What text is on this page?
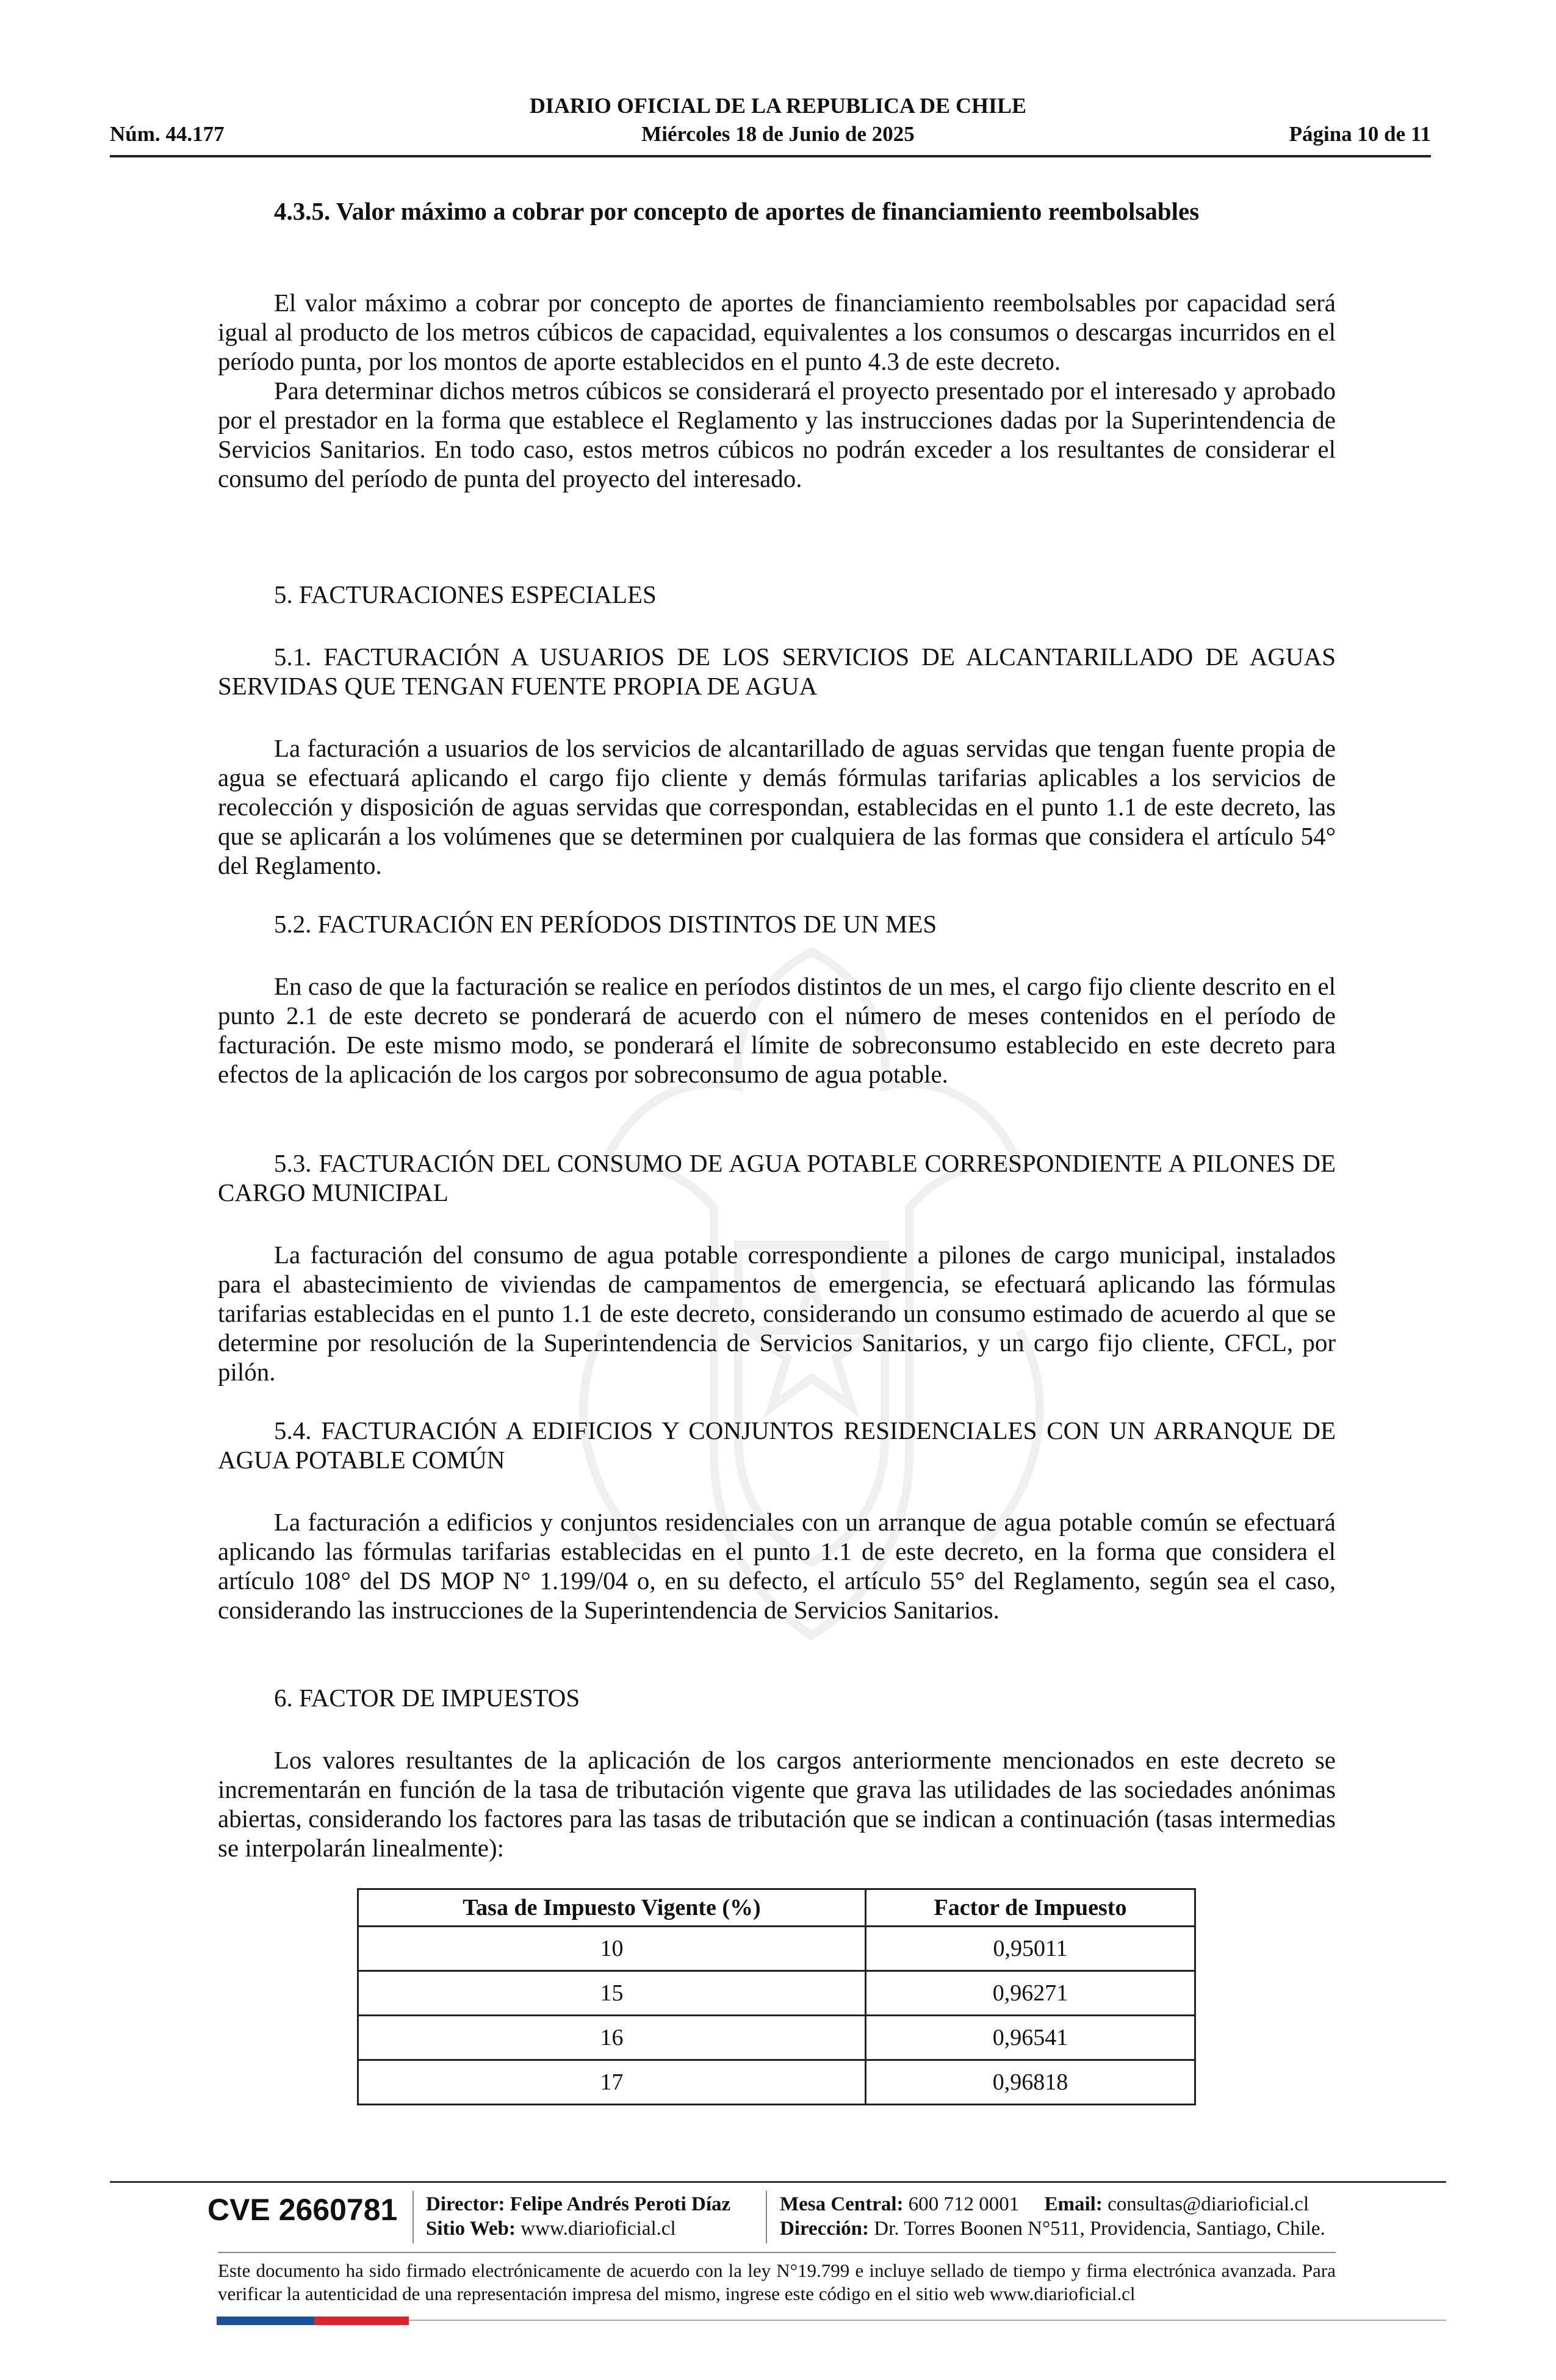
DIARIO OFICIAL DE LA REPUBLICA DE CHILE
Núm. 44.177	Miércoles 18 de Junio de 2025	Página 10 de 11

4.3.5. Valor máximo a cobrar por concepto de aportes de financiamiento reembolsables

El valor máximo a cobrar por concepto de aportes de financiamiento reembolsables por capacidad será igual al producto de los metros cúbicos de capacidad, equivalentes a los consumos o descargas incurridos en el período punta, por los montos de aporte establecidos en el punto 4.3 de este decreto.

Para determinar dichos metros cúbicos se considerará el proyecto presentado por el interesado y aprobado por el prestador en la forma que establece el Reglamento y las instrucciones dadas por la Superintendencia de Servicios Sanitarios. En todo caso, estos metros cúbicos no podrán exceder a los resultantes de considerar el consumo del período de punta del proyecto del interesado.

5. FACTURACIONES ESPECIALES

5.1. FACTURACIÓN A USUARIOS DE LOS SERVICIOS DE ALCANTARILLADO DE AGUAS SERVIDAS QUE TENGAN FUENTE PROPIA DE AGUA

La facturación a usuarios de los servicios de alcantarillado de aguas servidas que tengan fuente propia de agua se efectuará aplicando el cargo fijo cliente y demás fórmulas tarifarias aplicables a los servicios de recolección y disposición de aguas servidas que correspondan, establecidas en el punto 1.1 de este decreto, las que se aplicarán a los volúmenes que se determinen por cualquiera de las formas que considera el artículo 54° del Reglamento.

5.2. FACTURACIÓN EN PERÍODOS DISTINTOS DE UN MES

En caso de que la facturación se realice en períodos distintos de un mes, el cargo fijo cliente descrito en el punto 2.1 de este decreto se ponderará de acuerdo con el número de meses contenidos en el período de facturación. De este mismo modo, se ponderará el límite de sobreconsumo establecido en este decreto para efectos de la aplicación de los cargos por sobreconsumo de agua potable.

5.3. FACTURACIÓN DEL CONSUMO DE AGUA POTABLE CORRESPONDIENTE A PILONES DE CARGO MUNICIPAL

La facturación del consumo de agua potable correspondiente a pilones de cargo municipal, instalados para el abastecimiento de viviendas de campamentos de emergencia, se efectuará aplicando las fórmulas tarifarias establecidas en el punto 1.1 de este decreto, considerando un consumo estimado de acuerdo al que se determine por resolución de la Superintendencia de Servicios Sanitarios, y un cargo fijo cliente, CFCL, por pilón.

5.4. FACTURACIÓN A EDIFICIOS Y CONJUNTOS RESIDENCIALES CON UN ARRANQUE DE AGUA POTABLE COMÚN

La facturación a edificios y conjuntos residenciales con un arranque de agua potable común se efectuará aplicando las fórmulas tarifarias establecidas en el punto 1.1 de este decreto, en la forma que considera el artículo 108° del DS MOP N° 1.199/04 o, en su defecto, el artículo 55° del Reglamento, según sea el caso, considerando las instrucciones de la Superintendencia de Servicios Sanitarios.

6. FACTOR DE IMPUESTOS

Los valores resultantes de la aplicación de los cargos anteriormente mencionados en este decreto se incrementarán en función de la tasa de tributación vigente que grava las utilidades de las sociedades anónimas abiertas, considerando los factores para las tasas de tributación que se indican a continuación (tasas intermedias se interpolarán linealmente):

Tasa de Impuesto Vigente (%)	Factor de Impuesto
10	0,95011
15	0,96271
16	0,96541
17	0,96818
CVE 2660781 Director: Felipe Andrés Peroti Díaz
Sitio Web: www.diarioficial.cl
Mesa Central: 600 712 0001 Email: consultas@diarioficial.cl
Dirección: Dr. Torres Boonen N°511, Providencia, Santiago, Chile.
Este documento ha sido firmado electrónicamente de acuerdo con la ley N°19.799 e incluye sellado de tiempo y firma electrónica avanzada. Para verificar la autenticidad de una representación impresa del mismo, ingrese este código en el sitio web www.diarioficial.cl
